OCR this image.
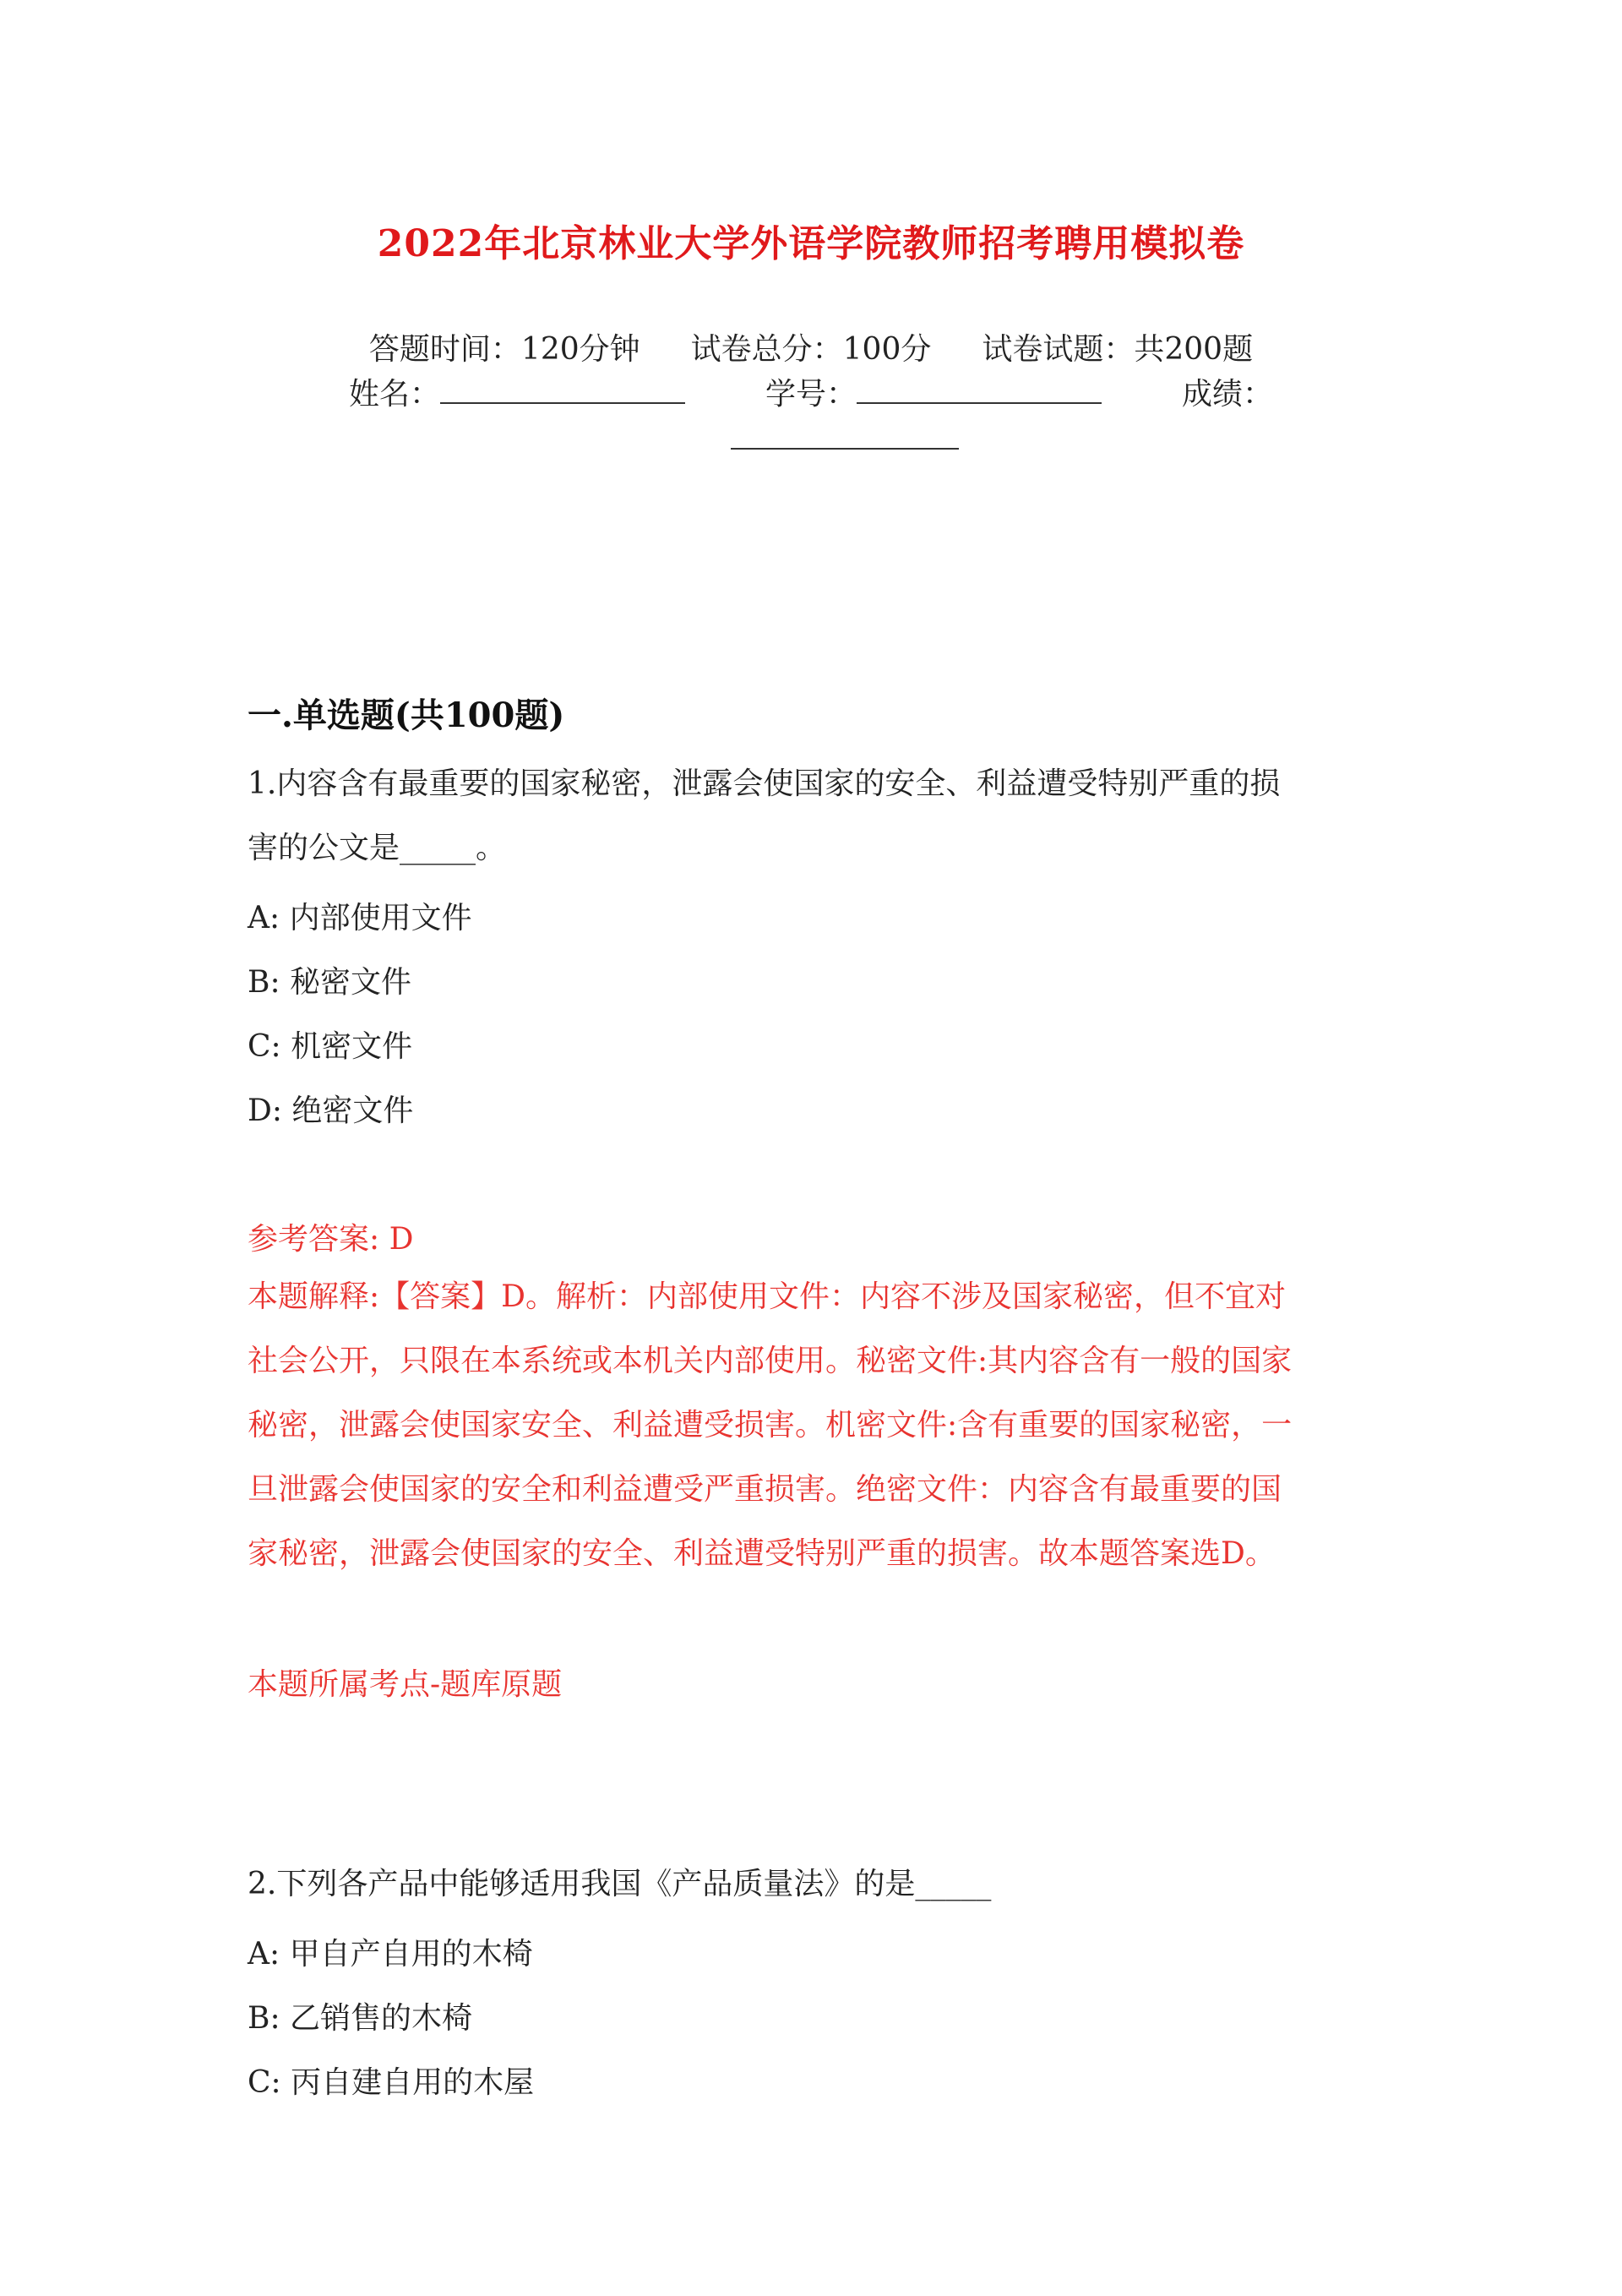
2022年北京林业大学外语学院教师招考聘用模拟卷
答题时间：120分钟 试卷总分：100分 试卷试题：共200题
姓名：	学号：	成绩：
一.单选题(共100题)
1.内容含有最重要的国家秘密，泄露会使国家的安全、利益遭受特别严重的损
害的公文是_____。
A: 内部使用文件
B: 秘密文件
C: 机密文件
D: 绝密文件
参考答案: D
本题解释:【答案】D。解析：内部使用文件：内容不涉及国家秘密，但不宜对
社会公开，只限在本系统或本机关内部使用。秘密文件:其内容含有一般的国家
秘密，泄露会使国家安全、利益遭受损害。机密文件:含有重要的国家秘密，一
旦泄露会使国家的安全和利益遭受严重损害。绝密文件：内容含有最重要的国
家秘密，泄露会使国家的安全、利益遭受特别严重的损害。故本题答案选D。
本题所属考点-题库原题
2.下列各产品中能够适用我国《产品质量法》的是_____
A: 甲自产自用的木椅
B: 乙销售的木椅
C: 丙自建自用的木屋
